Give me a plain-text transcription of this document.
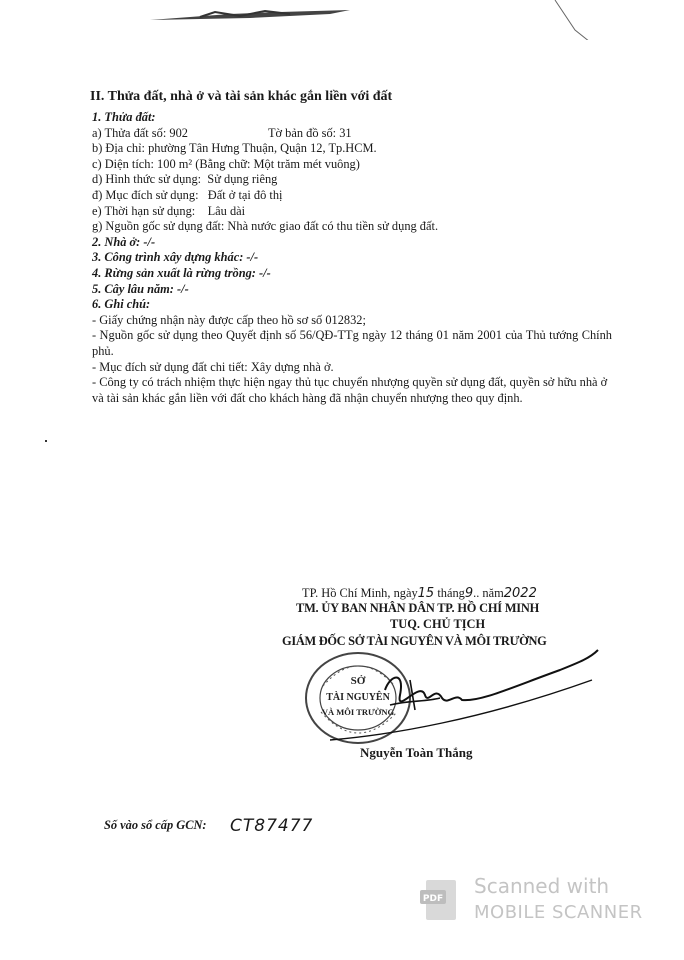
II. Thửa đất, nhà ở và tài sản khác gắn liền với đất
1. Thửa đất:
a) Thửa đất số: 902	Tờ bản đồ số: 31
b) Địa chỉ: phường Tân Hưng Thuận, Quận 12, Tp.HCM.
c) Diện tích: 100 m² (Bằng chữ: Một trăm mét vuông)
d) Hình thức sử dụng:  Sử dụng riêng
đ) Mục đích sử dụng:   Đất ở tại đô thị
e) Thời hạn sử dụng:    Lâu dài
g) Nguồn gốc sử dụng đất: Nhà nước giao đất có thu tiền sử dụng đất.
2. Nhà ở: -/-
3. Công trình xây dựng khác: -/-
4. Rừng sản xuất là rừng trồng: -/-
5. Cây lâu năm: -/-
6. Ghi chú:
- Giấy chứng nhận này được cấp theo hồ sơ số 012832;
- Nguồn gốc sử dụng theo Quyết định số 56/QĐ-TTg ngày 12 tháng 01 năm 2001 của Thủ tướng Chính phủ.
- Mục đích sử dụng đất chi tiết: Xây dựng nhà ở.
- Công ty có trách nhiệm thực hiện ngay thủ tục chuyển nhượng quyền sử dụng đất, quyền sở hữu nhà ở và tài sản khác gắn liền với đất cho khách hàng đã nhận chuyển nhượng theo quy định.
TP. Hồ Chí Minh, ngày15 tháng9.. năm2022
TM. ỦY BAN NHÂN DÂN TP. HỒ CHÍ MINH
TUQ. CHỦ TỊCH
GIÁM ĐỐC SỞ TÀI NGUYÊN VÀ MÔI TRƯỜNG
SỞ
TÀI NGUYÊN
VÀ MÔI TRƯỜNG
Nguyễn Toàn Thắng
Số vào sổ cấp GCN: CT87477
PDF
Scanned with
MOBILE SCANNER
